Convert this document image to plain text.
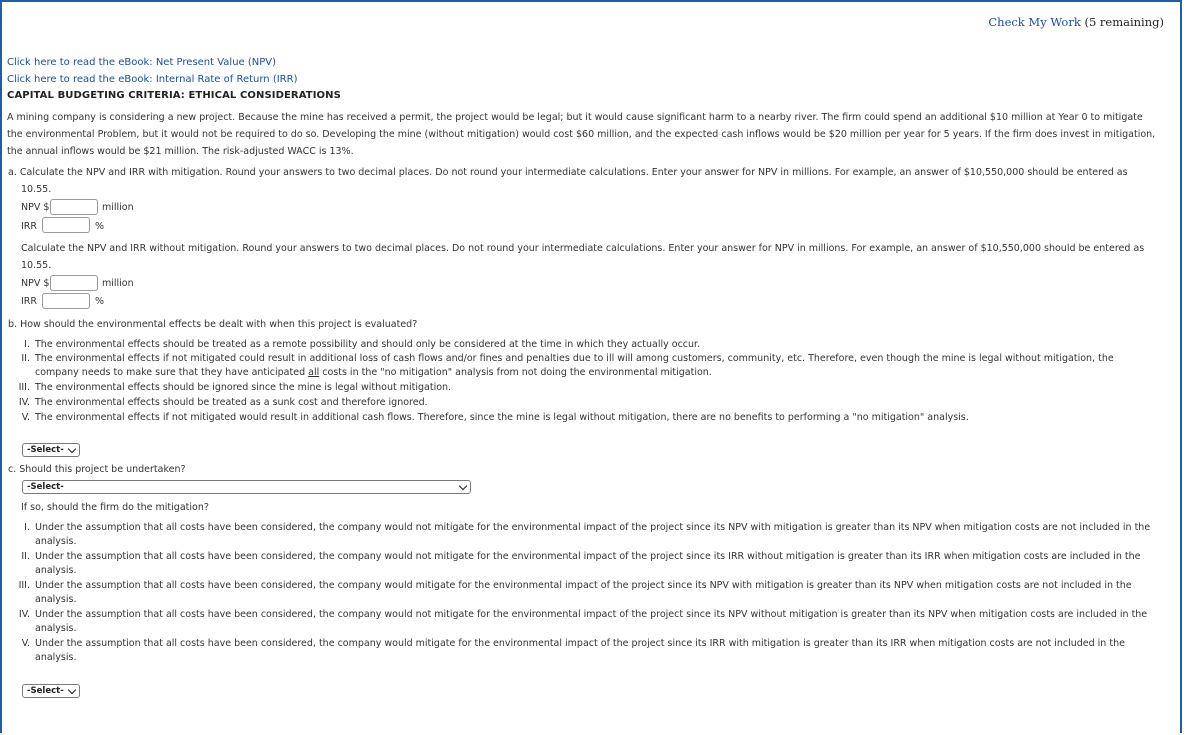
Check My Work (5 remaining)
Click here to read the eBook: Net Present Value (NPV)
Click here to read the eBook: Internal Rate of Return (IRR)
CAPITAL BUDGETING CRITERIA: ETHICAL CONSIDERATIONS
A mining company is considering a new project. Because the mine has received a permit, the project would be legal; but it would cause significant harm to a nearby river. The firm could spend an additional $10 million at Year 0 to mitigate
the environmental Problem, but it would not be required to do so. Developing the mine (without mitigation) would cost $60 million, and the expected cash inflows would be $20 million per year for 5 years. If the firm does invest in mitigation,
the annual inflows would be $21 million. The risk-adjusted WACC is 13%.
a. Calculate the NPV and IRR with mitigation. Round your answers to two decimal places. Do not round your intermediate calculations. Enter your answer for NPV in millions. For example, an answer of $10,550,000 should be entered as
10.55.
NPV $	million
IRR	%
Calculate the NPV and IRR without mitigation. Round your answers to two decimal places. Do not round your intermediate calculations. Enter your answer for NPV in millions. For example, an answer of $10,550,000 should be entered as
10.55.
NPV $	million
IRR	%
b. How should the environmental effects be dealt with when this project is evaluated?
I. The environmental effects should be treated as a remote possibility and should only be considered at the time in which they actually occur.
II. The environmental effects if not mitigated could result in additional loss of cash flows and/or fines and penalties due to ill will among customers, community, etc. Therefore, even though the mine is legal without mitigation, the
company needs to make sure that they have anticipated all costs in the "no mitigation" analysis from not doing the environmental mitigation.
III. The environmental effects should be ignored since the mine is legal without mitigation.
IV. The environmental effects should be treated as a sunk cost and therefore ignored.
V. The environmental effects if not mitigated would result in additional cash flows. Therefore, since the mine is legal without mitigation, there are no benefits to performing a "no mitigation" analysis.
-Select-
c. Should this project be undertaken?
-Select-
If so, should the firm do the mitigation?
I. Under the assumption that all costs have been considered, the company would not mitigate for the environmental impact of the project since its NPV with mitigation is greater than its NPV when mitigation costs are not included in the
analysis.
II. Under the assumption that all costs have been considered, the company would not mitigate for the environmental impact of the project since its IRR without mitigation is greater than its IRR when mitigation costs are included in the
analysis.
III. Under the assumption that all costs have been considered, the company would mitigate for the environmental impact of the project since its NPV with mitigation is greater than its NPV when mitigation costs are not included in the
analysis.
IV. Under the assumption that all costs have been considered, the company would not mitigate for the environmental impact of the project since its NPV without mitigation is greater than its NPV when mitigation costs are included in the
analysis.
V. Under the assumption that all costs have been considered, the company would mitigate for the environmental impact of the project since its IRR with mitigation is greater than its IRR when mitigation costs are not included in the
analysis.
-Select-
